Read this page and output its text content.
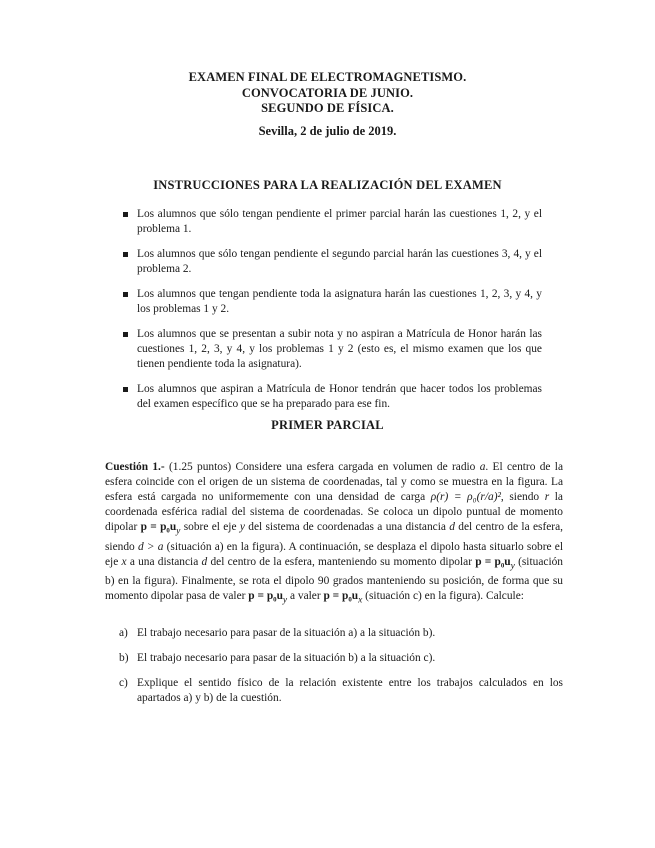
EXAMEN FINAL DE ELECTROMAGNETISMO.
CONVOCATORIA DE JUNIO.
SEGUNDO DE FÍSICA.
Sevilla, 2 de julio de 2019.
INSTRUCCIONES PARA LA REALIZACIÓN DEL EXAMEN
Los alumnos que sólo tengan pendiente el primer parcial harán las cuestiones 1, 2, y el problema 1.
Los alumnos que sólo tengan pendiente el segundo parcial harán las cuestiones 3, 4, y el problema 2.
Los alumnos que tengan pendiente toda la asignatura harán las cuestiones 1, 2, 3, y 4, y los problemas 1 y 2.
Los alumnos que se presentan a subir nota y no aspiran a Matrícula de Honor harán las cuestiones 1, 2, 3, y 4, y los problemas 1 y 2 (esto es, el mismo examen que los que tienen pendiente toda la asignatura).
Los alumnos que aspiran a Matrícula de Honor tendrán que hacer todos los problemas del examen específico que se ha preparado para ese fin.
PRIMER PARCIAL
Cuestión 1.- (1.25 puntos) Considere una esfera cargada en volumen de radio a. El centro de la esfera coincide con el origen de un sistema de coordenadas, tal y como se muestra en la figura. La esfera está cargada no uniformemente con una densidad de carga ρ(r) = ρ₀(r/a)², siendo r la coordenada esférica radial del sistema de coordenadas. Se coloca un dipolo puntual de momento dipolar $p = p_0u_y$ sobre el eje y del sistema de coordenadas a una distancia d del centro de la esfera, siendo d > a (situación a) en la figura). A continuación, se desplaza el dipolo hasta situarlo sobre el eje x a una distancia d del centro de la esfera, manteniendo su momento dipolar $p = p_0u_y$ (situación b) en la figura). Finalmente, se rota el dipolo 90 grados manteniendo su posición, de forma que su momento dipolar pasa de valer $p = p_0u_y$ a valer $p = p_0u_x$ (situación c) en la figura). Calcule:
a) El trabajo necesario para pasar de la situación a) a la situación b).
b) El trabajo necesario para pasar de la situación b) a la situación c).
c) Explique el sentido físico de la relación existente entre los trabajos calculados en los apartados a) y b) de la cuestión.
